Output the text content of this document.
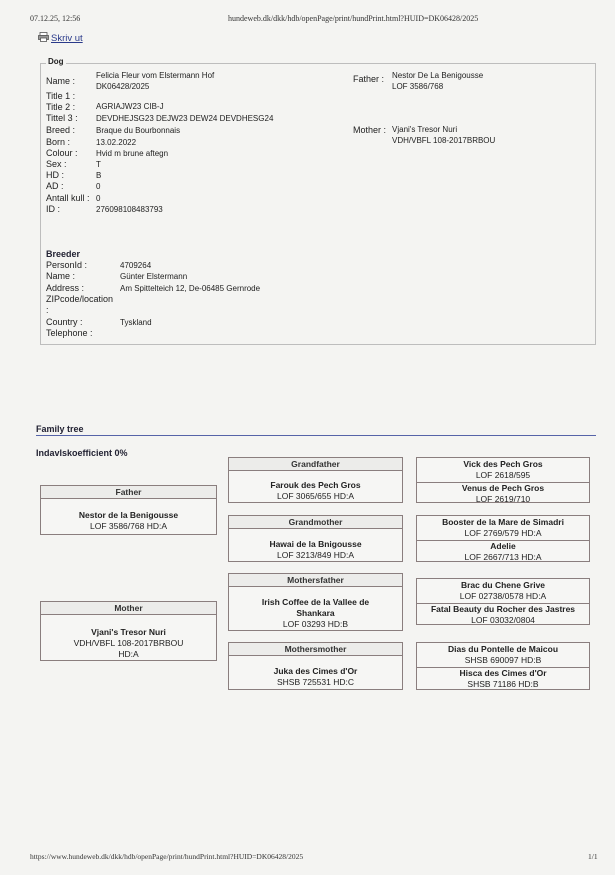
07.12.25, 12:56	hundeweb.dk/dkk/hdb/openPage/print/hundPrint.html?HUID=DK06428/2025
Skriv ut
Dog
Name :
Title 1 :
Title 2 :
Tittel 3 :
Breed :
Born :
Colour :
Sex :
HD :
AD :
Antall kull :
ID :
Felicia Fleur vom Elstermann Hof
DK06428/2025
AGRIAJW23 CIB-J
DEVDHEJSG23 DEJW23 DEW24 DEVDHESG24
Braque du Bourbonnais
13.02.2022
Hvid m brune aftegn
T
B
0
0
276098108483793
Father : Nestor De La Benigousse
LOF 3586/768
Mother : Vjani's Tresor Nuri
VDH/VBFL 108-2017BRBOU
Breeder
PersonId :
Name :
Address :
ZIPcode/location
:
Country :
Telephone :
4709264
Günter Elstermann
Am Spittelteich 12, De-06485 Gernrode
Tyskland
Family tree
Indavlskoefficient 0%
Father
Nestor de la Benigousse
LOF 3586/768 HD:A
Mother
Vjani's Tresor Nuri
VDH/VBFL 108-2017BRBOU
HD:A
Grandfather
Farouk des Pech Gros
LOF 3065/655 HD:A
Grandmother
Hawai de la Bnigousse
LOF 3213/849 HD:A
Mothersfather
Irish Coffee de la Vallee de
Shankara
LOF 03293 HD:B
Mothersmother
Juka des Cimes d'Or
SHSB 725531 HD:C
Vick des Pech Gros
LOF 2618/595
Venus de Pech Gros
LOF 2619/710
Booster de la Mare de Simadri
LOF 2769/579 HD:A
Adelie
LOF 2667/713 HD:A
Brac du Chene Grive
LOF 02738/0578 HD:A
Fatal Beauty du Rocher des Jastres
LOF 03032/0804
Dias du Pontelle de Maicou
SHSB 690097 HD:B
Hisca des Cimes d'Or
SHSB 71186 HD:B
https://www.hundeweb.dk/dkk/hdb/openPage/print/hundPrint.html?HUID=DK06428/2025	1/1
